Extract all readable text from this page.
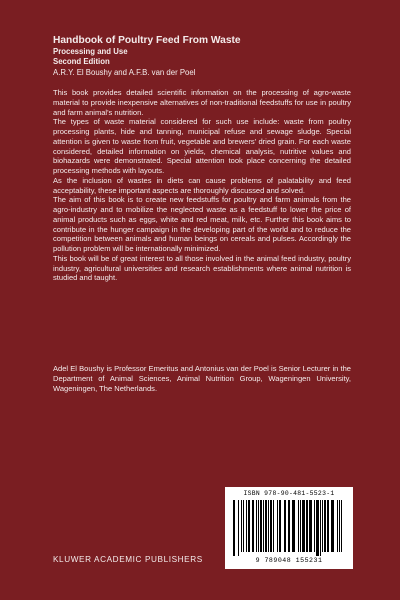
Handbook of Poultry Feed From Waste
Processing and Use
Second Edition
A.R.Y. El Boushy and A.F.B. van der Poel

This book provides detailed scientific information on the processing of agro-waste material to provide inexpensive alternatives of non-traditional feedstuffs for use in poultry and farm animal's nutrition.

The types of waste material considered for such use include: waste from poultry processing plants, hide and tanning, municipal refuse and sewage sludge. Special attention is given to waste from fruit, vegetable and brewers' dried grain. For each waste considered, detailed information on yields, chemical analysis, nutritive values and biohazards were demonstrated. Special attention took place concerning the detailed processing methods with layouts.

As the inclusion of wastes in diets can cause problems of palatability and feed acceptability, these important aspects are thoroughly discussed and solved.

The aim of this book is to create new feedstuffs for poultry and farm animals from the agro-industry and to mobilize the neglected waste as a feedstuff to lower the price of animal products such as eggs, white and red meat, milk, etc. Further this book aims to contribute in the hunger campaign in the developing part of the world and to reduce the competition between animals and human beings on cereals and pulses. Accordingly the pollution problem will be internationally minimized.

This book will be of great interest to all those involved in the animal feed industry, poultry industry, agricultural universities and research establishments where animal nutrition is studied and taught.

Adel El Boushy is Professor Emeritus and Antonius van der Poel is Senior Lecturer in the Department of Animal Sciences, Animal Nutrition Group, Wageningen University, Wageningen, The Netherlands.

ISBN 978-90-481-5523-1
9 789048 155231
KLUWER ACADEMIC PUBLISHERS
